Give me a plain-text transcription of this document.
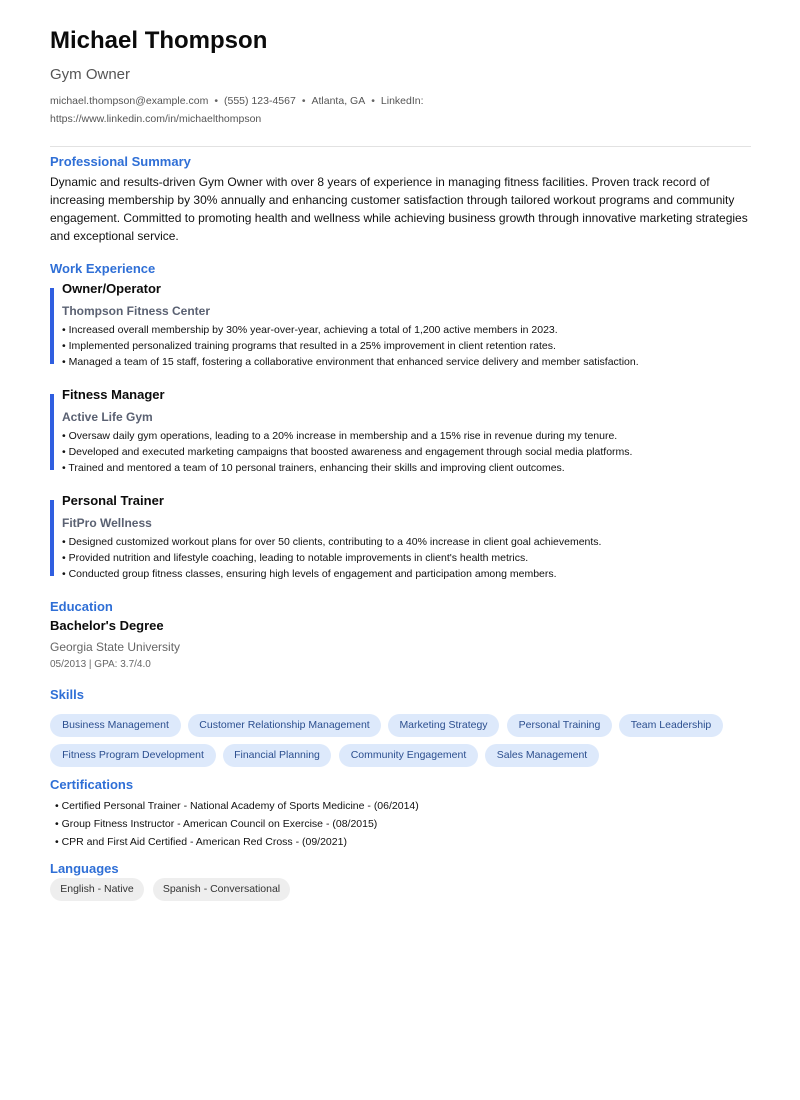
Michael Thompson
Gym Owner
michael.thompson@example.com • (555) 123-4567 • Atlanta, GA • LinkedIn:
https://www.linkedin.com/in/michaelthompson
Professional Summary

Dynamic and results-driven Gym Owner with over 8 years of experience in managing fitness facilities. Proven track record of increasing membership by 30% annually and enhancing customer satisfaction through tailored workout programs and community engagement. Committed to promoting health and wellness while achieving business growth through innovative marketing strategies and exceptional service.

Work Experience
Owner/Operator
Thompson Fitness Center
• Increased overall membership by 30% year-over-year, achieving a total of 1,200 active members in 2023.
• Implemented personalized training programs that resulted in a 25% improvement in client retention rates.
• Managed a team of 15 staff, fostering a collaborative environment that enhanced service delivery and member satisfaction.
Fitness Manager
Active Life Gym
• Oversaw daily gym operations, leading to a 20% increase in membership and a 15% rise in revenue during my tenure.
• Developed and executed marketing campaigns that boosted awareness and engagement through social media platforms.
• Trained and mentored a team of 10 personal trainers, enhancing their skills and improving client outcomes.
Personal Trainer
FitPro Wellness
• Designed customized workout plans for over 50 clients, contributing to a 40% increase in client goal achievements.
• Provided nutrition and lifestyle coaching, leading to notable improvements in client's health metrics.
• Conducted group fitness classes, ensuring high levels of engagement and participation among members.
Education
Bachelor's Degree
Georgia State University
05/2013 | GPA: 3.7/4.0
Skills
Business Management	Customer Relationship Management	Marketing Strategy	Personal Training	Team Leadership
Fitness Program Development	Financial Planning	Community Engagement	Sales Management
Certifications
• Certified Personal Trainer - National Academy of Sports Medicine - (06/2014)
• Group Fitness Instructor - American Council on Exercise - (08/2015)
• CPR and First Aid Certified - American Red Cross - (09/2021)
Languages
English - Native	Spanish - Conversational
